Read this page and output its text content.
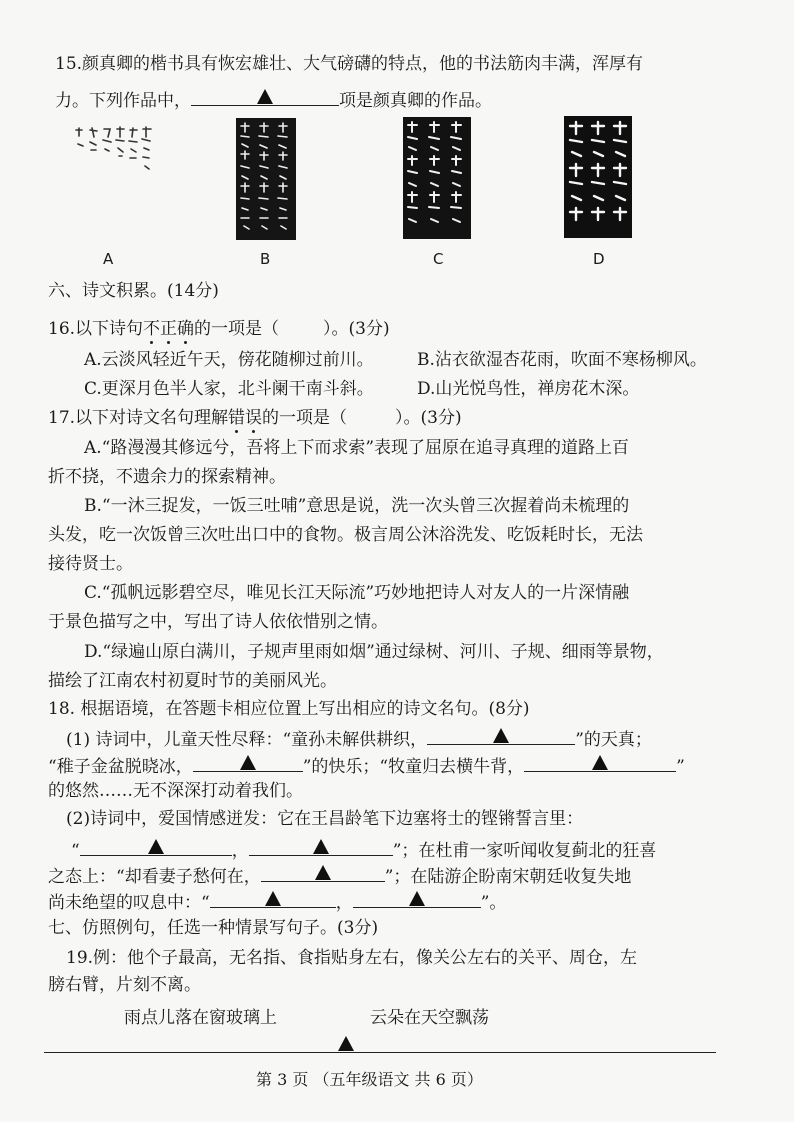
15.颜真卿的楷书具有恢宏雄壮、大气磅礴的特点，他的书法筋肉丰满，浑厚有
力。下列作品中，	项是颜真卿的作品。
A	B	C	D
六、诗文积累。(14分)
16.以下诗句不正确的一项是（	）。(3分)
A.云淡风轻近午天，傍花随柳过前川。	B.沾衣欲湿杏花雨，吹面不寒杨柳风。
C.更深月色半人家，北斗阑干南斗斜。	D.山光悦鸟性，禅房花木深。
17.以下对诗文名句理解错误的一项是（	）。(3分)
A.“路漫漫其修远兮，吾将上下而求索”表现了屈原在追寻真理的道路上百
折不挠，不遗余力的探索精神。
B.“一沐三捉发，一饭三吐哺”意思是说，洗一次头曾三次握着尚未梳理的
头发，吃一次饭曾三次吐出口中的食物。极言周公沐浴洗发、吃饭耗时长，无法
接待贤士。
C.“孤帆远影碧空尽，唯见长江天际流”巧妙地把诗人对友人的一片深情融
于景色描写之中，写出了诗人依依惜别之情。
D.“绿遍山原白满川，子规声里雨如烟”通过绿树、河川、子规、细雨等景物，
描绘了江南农村初夏时节的美丽风光。
18. 根据语境，在答题卡相应位置上写出相应的诗文名句。(8分)
(1) 诗词中，儿童天性尽释：“童孙未解供耕织，	”的天真；
“稚子金盆脱晓冰，	”的快乐；“牧童归去横牛背，	”
的悠然……无不深深打动着我们。
(2)诗词中，爱国情感迸发：它在王昌龄笔下边塞将士的铿锵誓言里：
“	，	”；在杜甫一家听闻收复蓟北的狂喜
之态上：“却看妻子愁何在，	”；在陆游企盼南宋朝廷收复失地
尚未绝望的叹息中：“	，	”。
七、仿照例句，任选一种情景写句子。(3分)
19.例：他个子最高，无名指、食指贴身左右，像关公左右的关平、周仓，左
膀右臂，片刻不离。
雨点儿落在窗玻璃上	云朵在天空飘荡
第 3 页 （五年级语文 共 6 页）
